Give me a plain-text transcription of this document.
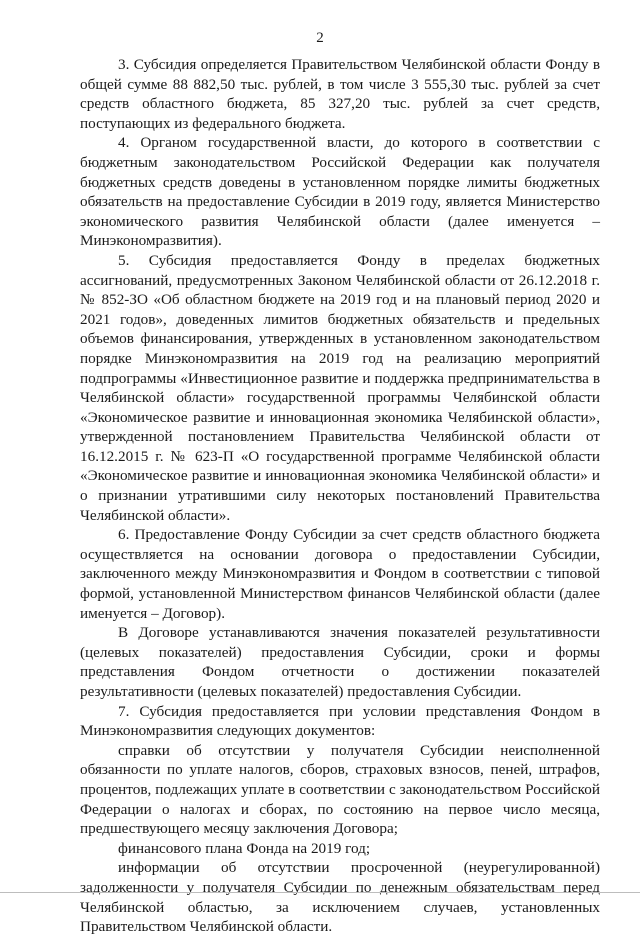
2

3. Субсидия определяется Правительством Челябинской области Фонду в общей сумме 88 882,50 тыс. рублей, в том числе 3 555,30 тыс. рублей за счет средств областного бюджета, 85 327,20 тыс. рублей за счет средств, поступающих из федерального бюджета.

4. Органом государственной власти, до которого в соответствии с бюджетным законодательством Российской Федерации как получателя бюджетных средств доведены в установленном порядке лимиты бюджетных обязательств на предоставление Субсидии в 2019 году, является Министерство экономического развития Челябинской области (далее именуется – Минэкономразвития).

5. Субсидия предоставляется Фонду в пределах бюджетных ассигнований, предусмотренных Законом Челябинской области от 26.12.2018 г. № 852-ЗО «Об областном бюджете на 2019 год и на плановый период 2020 и 2021 годов», доведенных лимитов бюджетных обязательств и предельных объемов финансирования, утвержденных в установленном законодательством порядке Минэкономразвития на 2019 год на реализацию мероприятий подпрограммы «Инвестиционное развитие и поддержка предпринимательства в Челябинской области» государственной программы Челябинской области «Экономическое развитие и инновационная экономика Челябинской области», утвержденной постановлением Правительства Челябинской области от 16.12.2015 г. № 623-П «О государственной программе Челябинской области «Экономическое развитие и инновационная экономика Челябинской области» и о признании утратившими силу некоторых постановлений Правительства Челябинской области».

6. Предоставление Фонду Субсидии за счет средств областного бюджета осуществляется на основании договора о предоставлении Субсидии, заключенного между Минэкономразвития и Фондом в соответствии с типовой формой, установленной Министерством финансов Челябинской области (далее именуется – Договор).

В Договоре устанавливаются значения показателей результативности (целевых показателей) предоставления Субсидии, сроки и формы представления Фондом отчетности о достижении показателей результативности (целевых показателей) предоставления Субсидии.

7. Субсидия предоставляется при условии представления Фондом в Минэкономразвития следующих документов:

справки об отсутствии у получателя Субсидии неисполненной обязанности по уплате налогов, сборов, страховых взносов, пеней, штрафов, процентов, подлежащих уплате в соответствии с законодательством Российской Федерации о налогах и сборах, по состоянию на первое число месяца, предшествующего месяцу заключения Договора;

финансового плана Фонда на 2019 год;

информации об отсутствии просроченной (неурегулированной) задолженности у получателя Субсидии по денежным обязательствам перед Челябинской областью, за исключением случаев, установленных Правительством Челябинской области.
